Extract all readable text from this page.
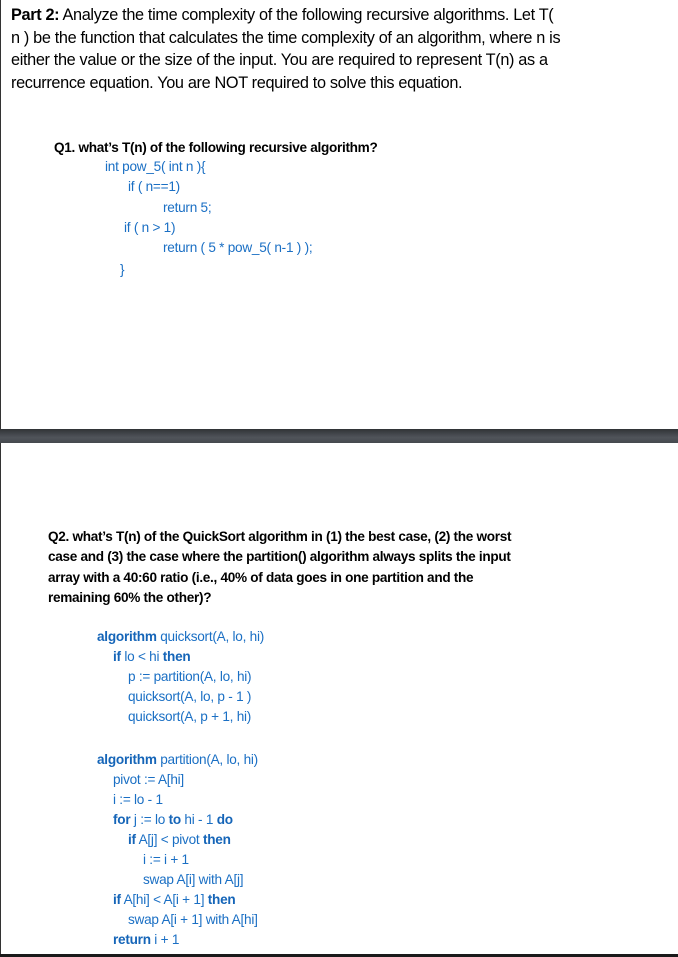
Part 2: Analyze the time complexity of the following recursive algorithms. Let T(
n ) be the function that calculates the time complexity of an algorithm, where n is
either the value or the size of the input. You are required to represent T(n) as a
recurrence equation. You are NOT required to solve this equation.
Q1. what’s T(n) of the following recursive algorithm?
int pow_5( int n ){
if ( n==1)
return 5;
if ( n > 1)
return ( 5 * pow_5( n-1 ) );
}
Q2. what’s T(n) of the QuickSort algorithm in (1) the best case, (2) the worst
case and (3) the case where the partition() algorithm always splits the input
array with a 40:60 ratio (i.e., 40% of data goes in one partition and the
remaining 60% the other)?
algorithm quicksort(A, lo, hi)
if lo < hi then
p := partition(A, lo, hi)
quicksort(A, lo, p - 1 )
quicksort(A, p + 1, hi)
algorithm partition(A, lo, hi)
pivot := A[hi]
i := lo - 1
for j := lo to hi - 1 do
if A[j] < pivot then
i := i + 1
swap A[i] with A[j]
if A[hi] < A[i + 1] then
swap A[i + 1] with A[hi]
return i + 1
